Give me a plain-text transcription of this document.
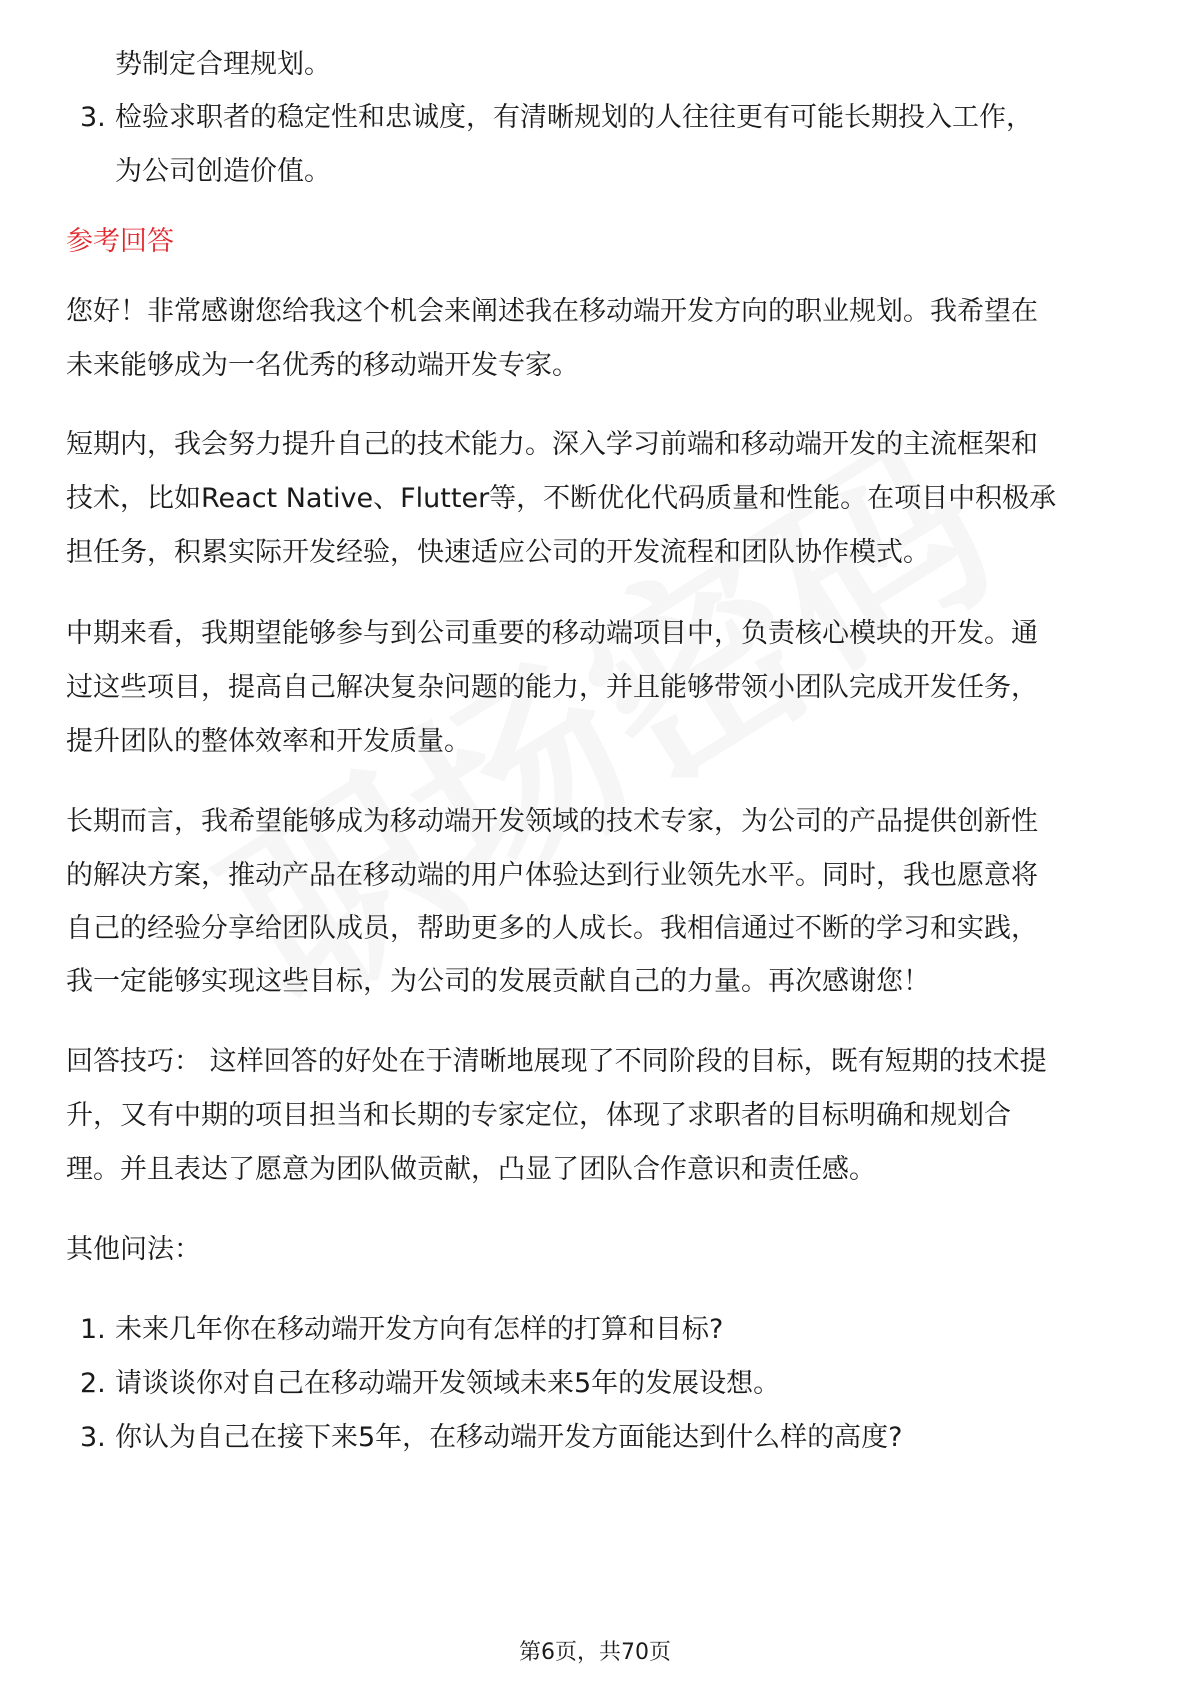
势制定合理规划。
3. 检验求职者的稳定性和忠诚度，有清晰规划的人往往更有可能长期投入工作，
为公司创造价值。
参考回答
您好！非常感谢您给我这个机会来阐述我在移动端开发方向的职业规划。我希望在
未来能够成为一名优秀的移动端开发专家。
短期内，我会努力提升自己的技术能力。深入学习前端和移动端开发的主流框架和
技术，比如React Native、Flutter等，不断优化代码质量和性能。在项目中积极承
担任务，积累实际开发经验，快速适应公司的开发流程和团队协作模式。
中期来看，我期望能够参与到公司重要的移动端项目中，负责核心模块的开发。通
过这些项目，提高自己解决复杂问题的能力，并且能够带领小团队完成开发任务，
提升团队的整体效率和开发质量。
长期而言，我希望能够成为移动端开发领域的技术专家，为公司的产品提供创新性
的解决方案，推动产品在移动端的用户体验达到行业领先水平。同时，我也愿意将
自己的经验分享给团队成员，帮助更多的人成长。我相信通过不断的学习和实践，
我一定能够实现这些目标，为公司的发展贡献自己的力量。再次感谢您！
回答技巧： 这样回答的好处在于清晰地展现了不同阶段的目标，既有短期的技术提
升，又有中期的项目担当和长期的专家定位，体现了求职者的目标明确和规划合
理。并且表达了愿意为团队做贡献，凸显了团队合作意识和责任感。
其他问法：
1. 未来几年你在移动端开发方向有怎样的打算和目标?
2. 请谈谈你对自己在移动端开发领域未来5年的发展设想。
3. 你认为自己在接下来5年，在移动端开发方面能达到什么样的高度?
第6页，共70页
